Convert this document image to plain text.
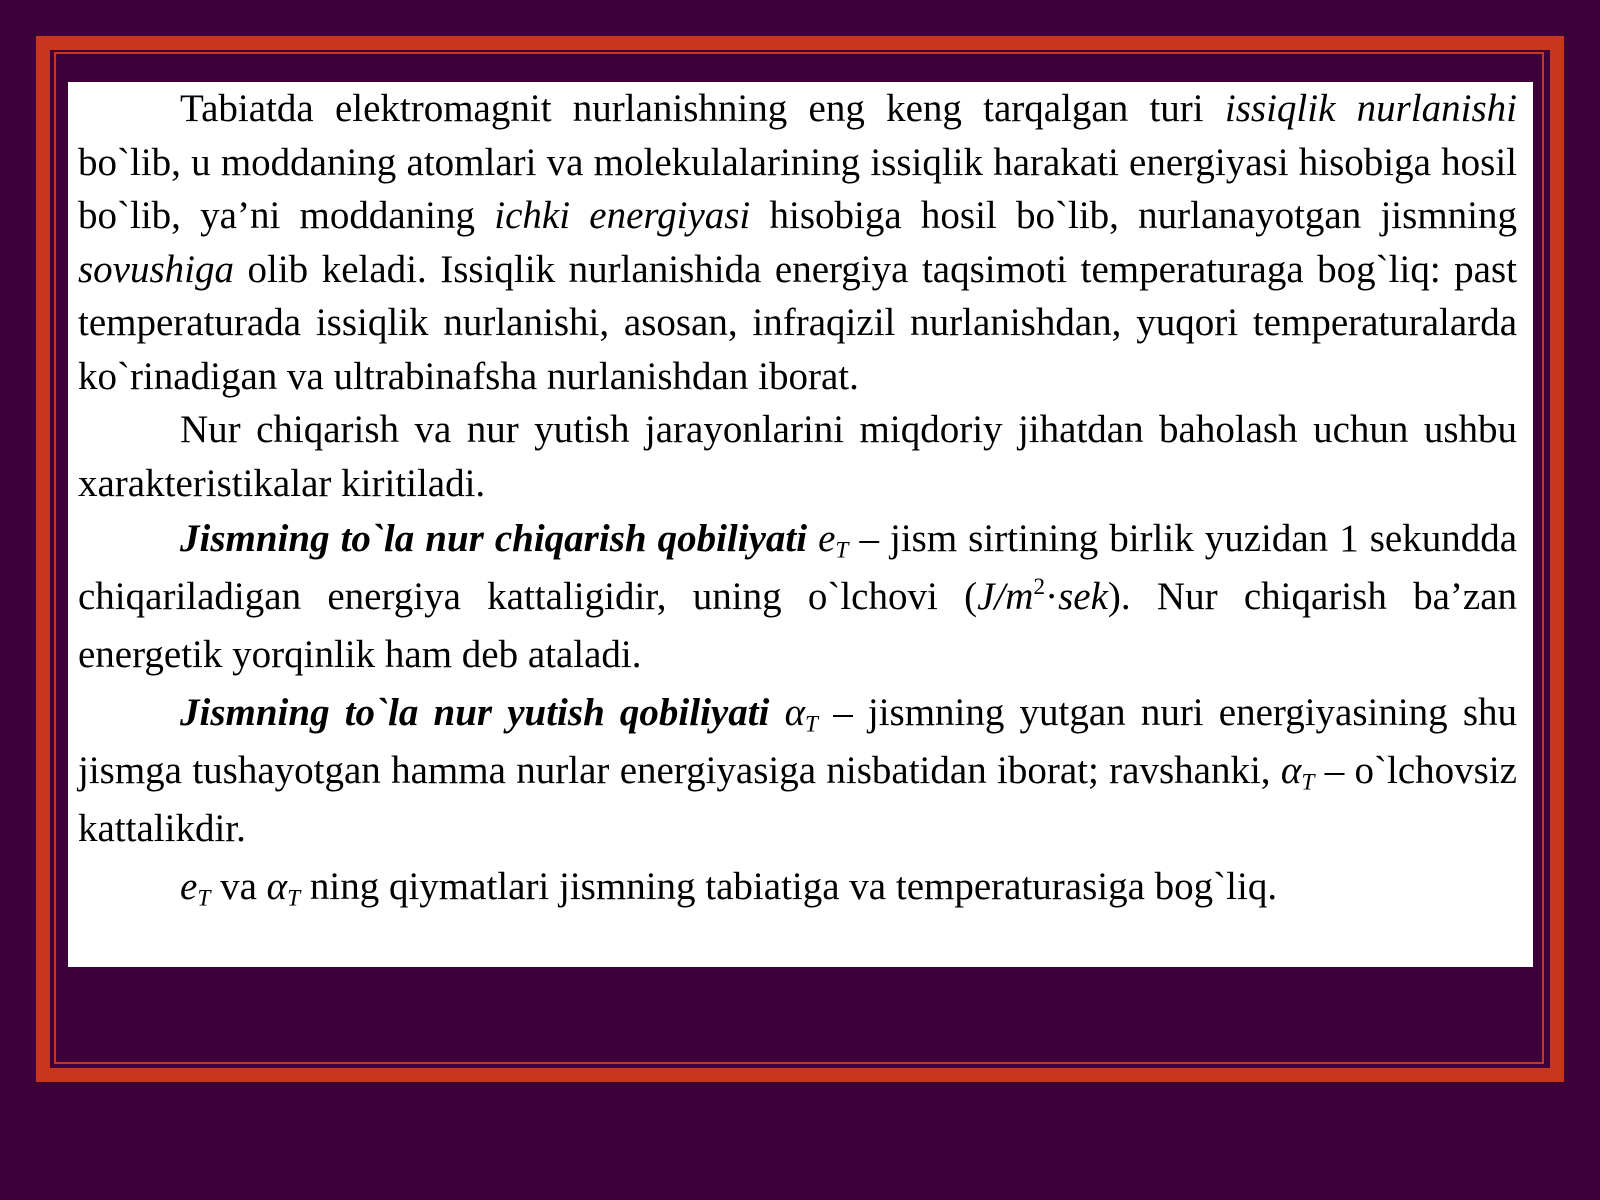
Tabiatda elektromagnit nurlanishning eng keng tarqalgan turi issiqlik nurlanishi bo`lib, u moddaning atomlari va molekulalarining issiqlik harakati energiyasi hisobiga hosil bo`lib, ya’ni moddaning ichki energiyasi hisobiga hosil bo`lib, nurlanayotgan jismning sovushiga olib keladi. Issiqlik nurlanishida energiya taqsimoti temperaturaga bog`liq: past temperaturada issiqlik nurlanishi, asosan, infraqizil nurlanishdan, yuqori temperaturalarda ko`rinadigan va ultrabinafsha nurlanishdan iborat.

Nur chiqarish va nur yutish jarayonlarini miqdoriy jihatdan baholash uchun ushbu xarakteristikalar kiritiladi.

Jismning to`la nur chiqarish qobiliyati $e_T$ – jism sirtining birlik yuzidan 1 sekundda chiqariladigan energiya kattaligidir, uning o`lchovi $(J/m^2\cdot sek)$. Nur chiqarish ba’zan energetik yorqinlik ham deb ataladi.

Jismning to`la nur yutish qobiliyati $\alpha_T$ – jismning yutgan nuri energiyasining shu jismga tushayotgan hamma nurlar energiyasiga nisbatidan iborat; ravshanki, $\alpha_T$ – o`lchovsiz kattalikdir.

$e_T$ va $\alpha_T$ ning qiymatlari jismning tabiatiga va temperaturasiga bog`liq.
